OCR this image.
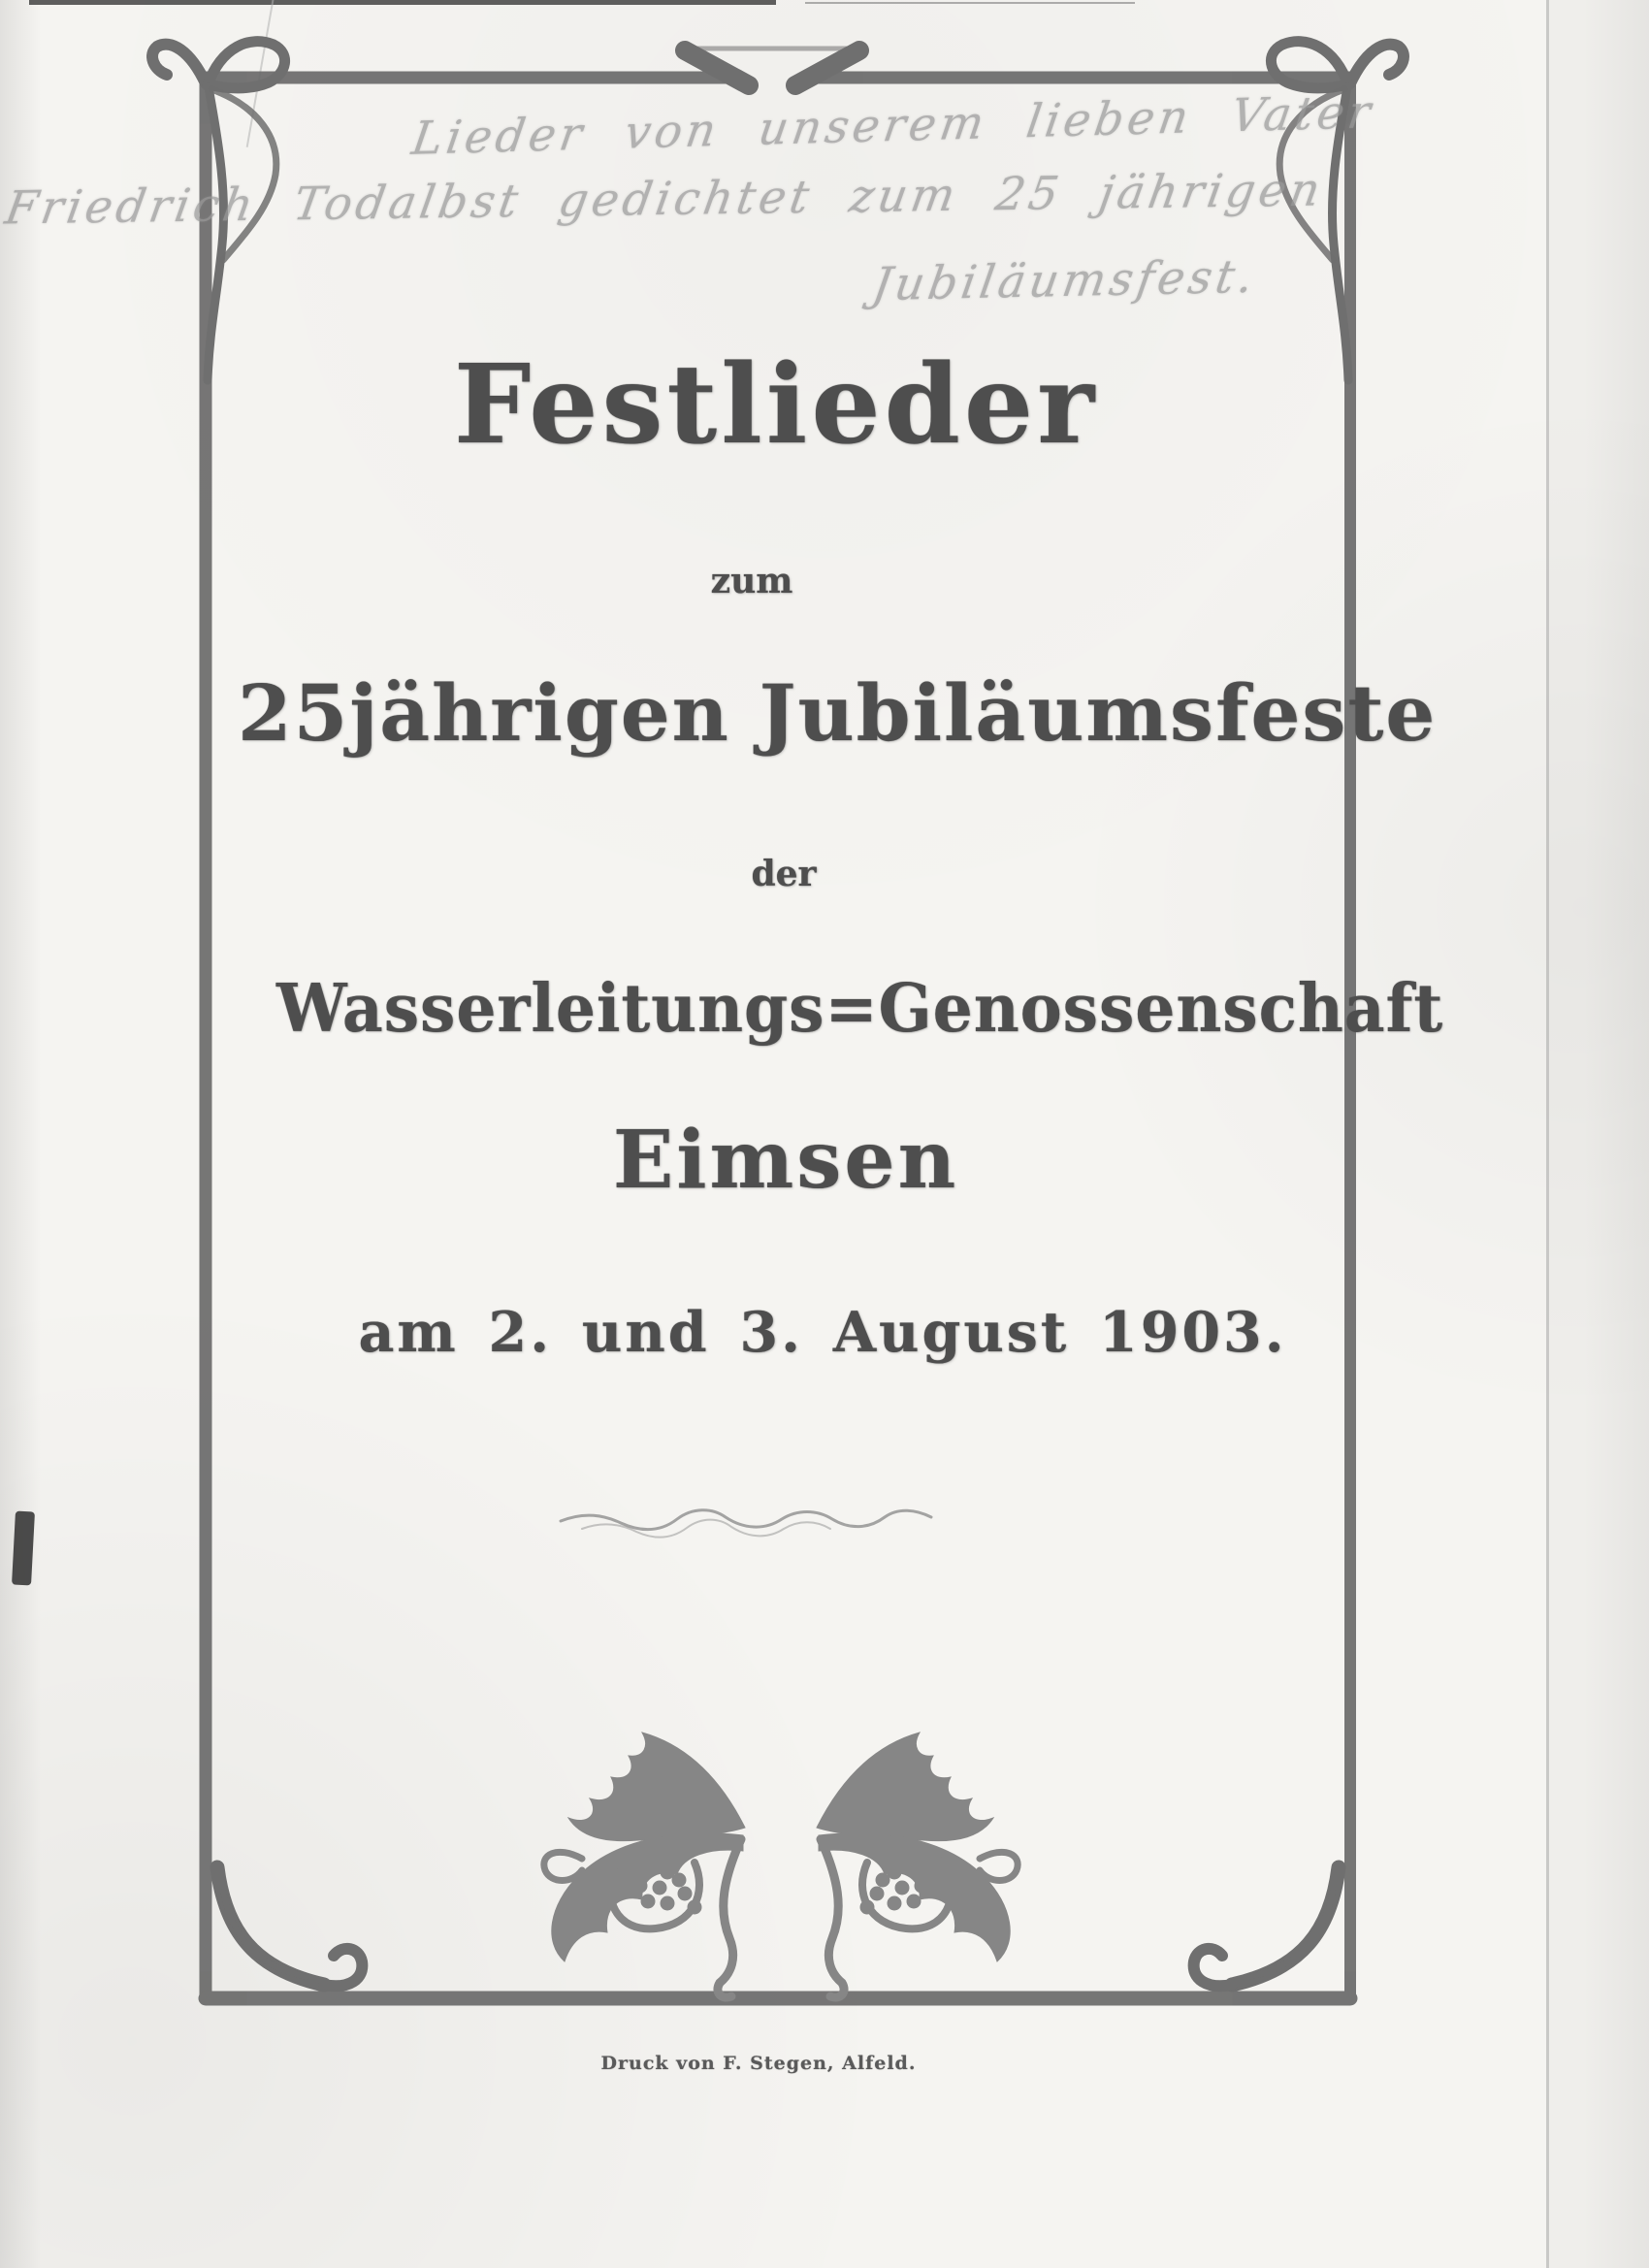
Lieder von unserem lieben Vater
Friedrich Todalbst gedichtet zum 25 jährigen
Jubiläumsfest.
Festlieder
zum
25jährigen Jubiläumsfeste
der
Wasserleitungs=Genossenschaft
Eimsen
am 2. und 3. August 1903.
Druck von F. Stegen, Alfeld.
